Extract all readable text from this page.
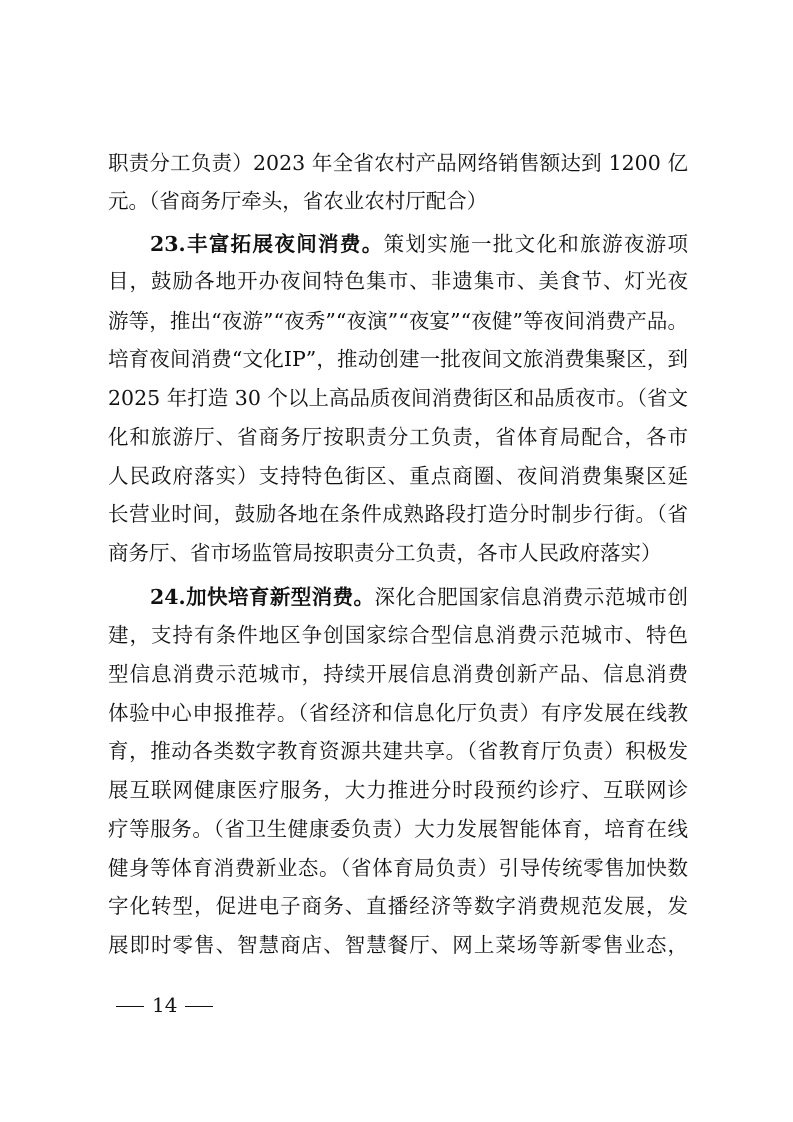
职责分工负责）2023 年全省农村产品网络销售额达到 1200 亿
元。（省商务厅牵头，省农业农村厅配合）
23.丰富拓展夜间消费。策划实施一批文化和旅游夜游项
目，鼓励各地开办夜间特色集市、非遗集市、美食节、灯光夜
游等，推出“夜游”“夜秀”“夜演”“夜宴”“夜健”等夜间消费产品。
培育夜间消费“文化IP”，推动创建一批夜间文旅消费集聚区，到
2025 年打造 30 个以上高品质夜间消费街区和品质夜市。（省文
化和旅游厅、省商务厅按职责分工负责，省体育局配合，各市
人民政府落实）支持特色街区、重点商圈、夜间消费集聚区延
长营业时间，鼓励各地在条件成熟路段打造分时制步行街。（省
商务厅、省市场监管局按职责分工负责，各市人民政府落实）
24.加快培育新型消费。深化合肥国家信息消费示范城市创
建，支持有条件地区争创国家综合型信息消费示范城市、特色
型信息消费示范城市，持续开展信息消费创新产品、信息消费
体验中心申报推荐。（省经济和信息化厅负责）有序发展在线教
育，推动各类数字教育资源共建共享。（省教育厅负责）积极发
展互联网健康医疗服务，大力推进分时段预约诊疗、互联网诊
疗等服务。（省卫生健康委负责）大力发展智能体育，培育在线
健身等体育消费新业态。（省体育局负责）引导传统零售加快数
字化转型，促进电子商务、直播经济等数字消费规范发展，发
展即时零售、智慧商店、智慧餐厅、网上菜场等新零售业态，
14
